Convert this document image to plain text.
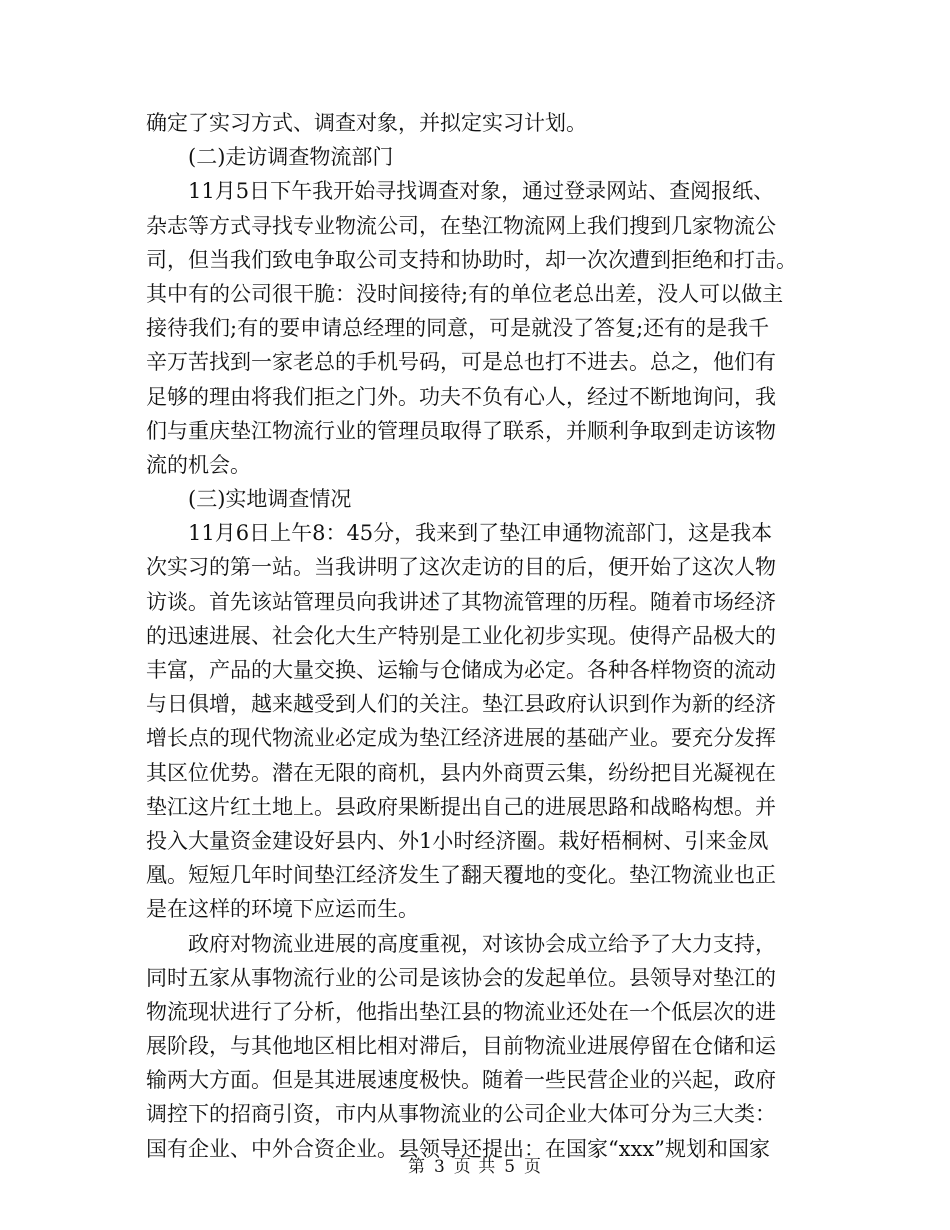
确定了实习方式、调查对象，并拟定实习计划。
(二)走访调查物流部门
11月5日下午我开始寻找调查对象，通过登录网站、查阅报纸、
杂志等方式寻找专业物流公司，在垫江物流网上我们搜到几家物流公
司，但当我们致电争取公司支持和协助时，却一次次遭到拒绝和打击。
其中有的公司很干脆：没时间接待;有的单位老总出差，没人可以做主
接待我们;有的要申请总经理的同意，可是就没了答复;还有的是我千
辛万苦找到一家老总的手机号码，可是总也打不进去。总之，他们有
足够的理由将我们拒之门外。功夫不负有心人，经过不断地询问，我
们与重庆垫江物流行业的管理员取得了联系，并顺利争取到走访该物
流的机会。
(三)实地调查情况
11月6日上午8：45分，我来到了垫江申通物流部门，这是我本
次实习的第一站。当我讲明了这次走访的目的后，便开始了这次人物
访谈。首先该站管理员向我讲述了其物流管理的历程。随着市场经济
的迅速进展、社会化大生产特别是工业化初步实现。使得产品极大的
丰富，产品的大量交换、运输与仓储成为必定。各种各样物资的流动
与日俱增，越来越受到人们的关注。垫江县政府认识到作为新的经济
增长点的现代物流业必定成为垫江经济进展的基础产业。要充分发挥
其区位优势。潜在无限的商机，县内外商贾云集，纷纷把目光凝视在
垫江这片红土地上。县政府果断提出自己的进展思路和战略构想。并
投入大量资金建设好县内、外1小时经济圈。栽好梧桐树、引来金凤
凰。短短几年时间垫江经济发生了翻天覆地的变化。垫江物流业也正
是在这样的环境下应运而生。
政府对物流业进展的高度重视，对该协会成立给予了大力支持，
同时五家从事物流行业的公司是该协会的发起单位。县领导对垫江的
物流现状进行了分析，他指出垫江县的物流业还处在一个低层次的进
展阶段，与其他地区相比相对滞后，目前物流业进展停留在仓储和运
输两大方面。但是其进展速度极快。随着一些民营企业的兴起，政府
调控下的招商引资，市内从事物流业的公司企业大体可分为三大类：
国有企业、中外合资企业。县领导还提出：在国家“xxx”规划和国家
第 3 页 共 5 页
